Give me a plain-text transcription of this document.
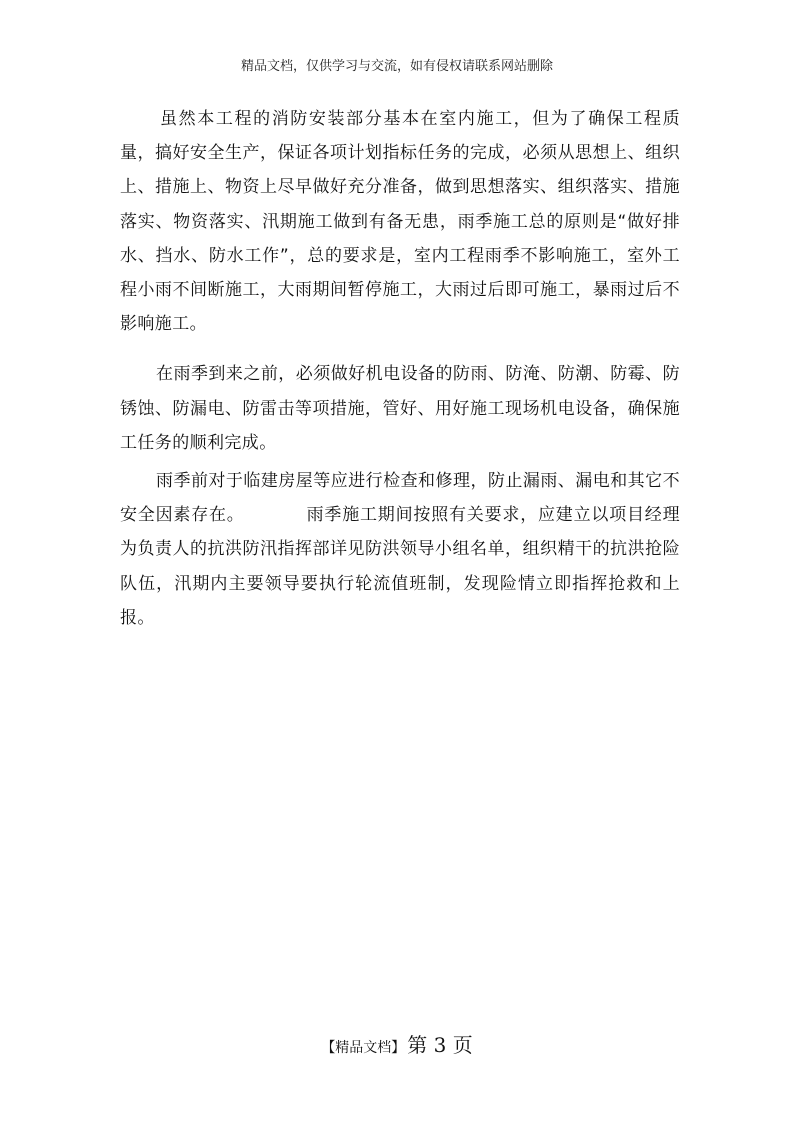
精品文档，仅供学习与交流，如有侵权请联系网站删除

虽然本工程的消防安装部分基本在室内施工，但为了确保工程质量，搞好安全生产，保证各项计划指标任务的完成，必须从思想上、组织上、措施上、物资上尽早做好充分准备，做到思想落实、组织落实、措施落实、物资落实、汛期施工做到有备无患，雨季施工总的原则是“做好排水、挡水、防水工作”，总的要求是，室内工程雨季不影响施工，室外工程小雨不间断施工，大雨期间暂停施工，大雨过后即可施工，暴雨过后不影响施工。

在雨季到来之前，必须做好机电设备的防雨、防淹、防潮、防霉、防锈蚀、防漏电、防雷击等项措施，管好、用好施工现场机电设备，确保施工任务的顺利完成。

雨季前对于临建房屋等应进行检查和修理，防止漏雨、漏电和其它不安全因素存在。          雨季施工期间按照有关要求，应建立以项目经理为负责人的抗洪防汛指挥部详见防洪领导小组名单，组织精干的抗洪抢险队伍，汛期内主要领导要执行轮流值班制，发现险情立即指挥抢救和上报。

【精品文档】 第 3 页
